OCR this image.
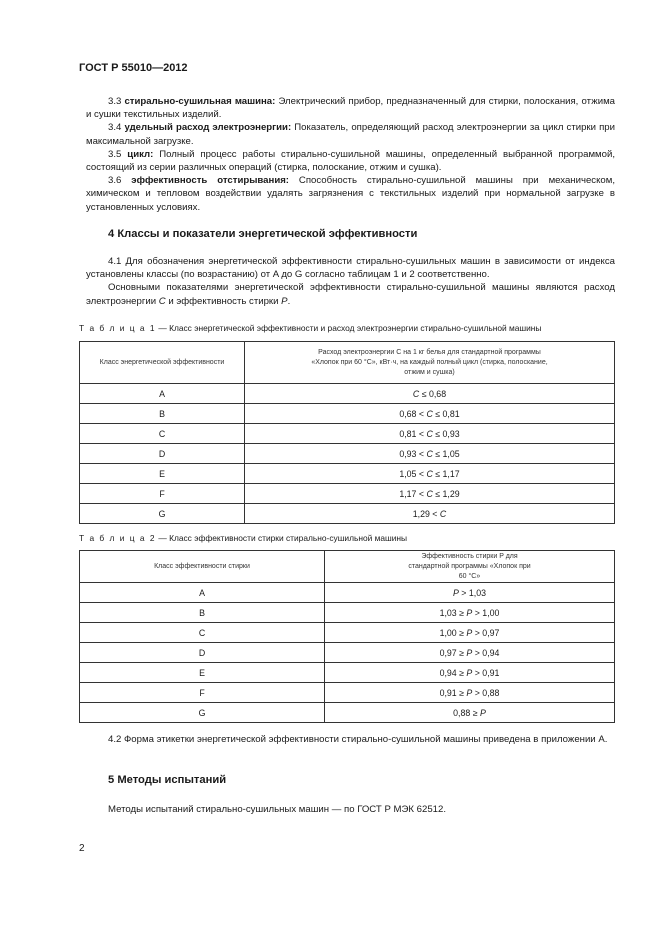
ГОСТ Р 55010—2012

3.3 стирально-сушильная машина: Электрический прибор, предназначенный для стирки, полоскания, отжима и сушки текстильных изделий.

3.4 удельный расход электроэнергии: Показатель, определяющий расход электроэнергии за цикл стирки при максимальной загрузке.

3.5 цикл: Полный процесс работы стирально-сушильной машины, определенный выбранной программой, состоящий из серии различных операций (стирка, полоскание, отжим и сушка).

3.6 эффективность отстирывания: Способность стирально-сушильной машины при механическом, химическом и тепловом воздействии удалять загрязнения с текстильных изделий при нормальной загрузке в установленных условиях.

4 Классы и показатели энергетической эффективности

4.1 Для обозначения энергетической эффективности стирально-сушильных машин в зависимости от индекса установлены классы (по возрастанию) от A до G согласно таблицам 1 и 2 соответственно.

Основными показателями энергетической эффективности стирально-сушильной машины являются расход электроэнергии C и эффективность стирки P.

Т а б л и ц а 1 — Класс энергетической эффективности и расход электроэнергии стирально-сушильной машины
Класс энергетической эффективности	Расход электроэнергии C на 1 кг белья для стандартной программы «Хлопок при 60 °С», кВт·ч, на каждый полный цикл (стирка, полоскание, отжим и сушка)
A	C ≤ 0,68
B	0,68 < C ≤ 0,81
C	0,81 < C ≤ 0,93
D	0,93 < C ≤ 1,05
E	1,05 < C ≤ 1,17
F	1,17 < C ≤ 1,29
G	1,29 < C
Т а б л и ц а 2 — Класс эффективности стирки стирально-сушильной машины
Класс эффективности стирки	Эффективность стирки P для стандартной программы «Хлопок при 60 °С»
A	P > 1,03
B	1,03 ≥ P > 1,00
C	1,00 ≥ P > 0,97
D	0,97 ≥ P > 0,94
E	0,94 ≥ P > 0,91
F	0,91 ≥ P > 0,88
G	0,88 ≥ P

4.2 Форма этикетки энергетической эффективности стирально-сушильной машины приведена в приложении А.

5 Методы испытаний

Методы испытаний стирально-сушильных машин — по ГОСТ Р МЭК 62512.

2
